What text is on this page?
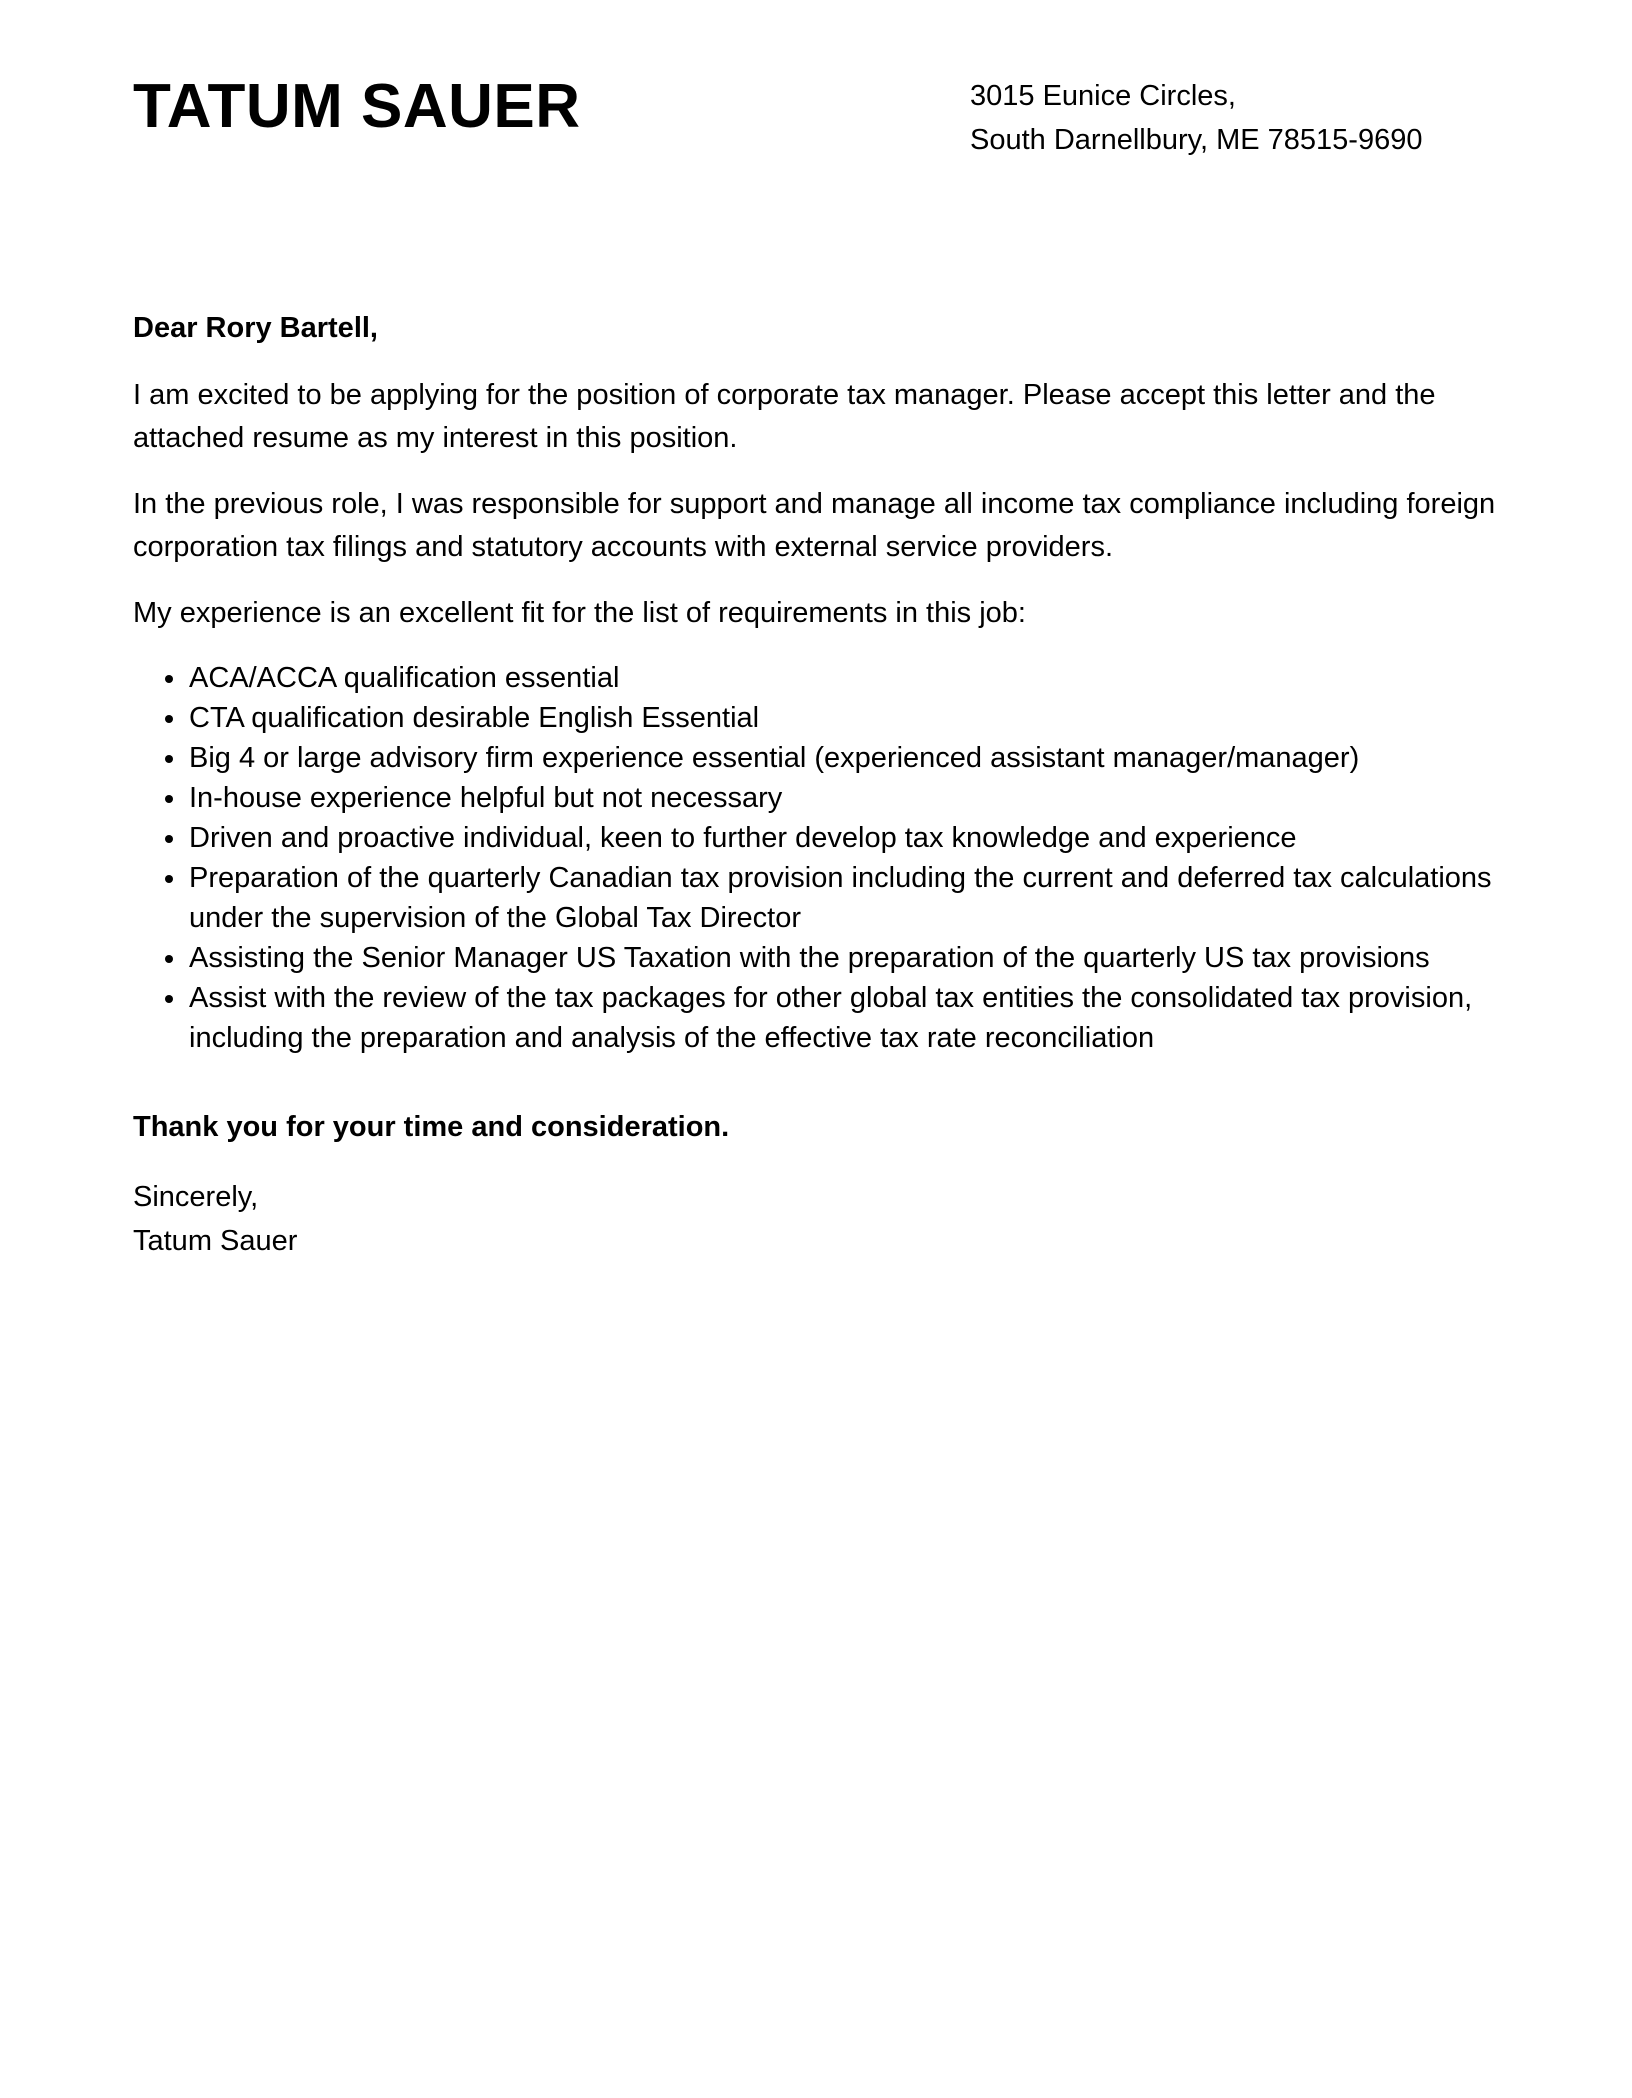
TATUM SAUER	3015 Eunice Circles,
South Darnellbury, ME 78515-9690

Dear Rory Bartell,

I am excited to be applying for the position of corporate tax manager. Please accept this letter and the attached resume as my interest in this position.

In the previous role, I was responsible for support and manage all income tax compliance including foreign corporation tax filings and statutory accounts with external service providers.

My experience is an excellent fit for the list of requirements in this job:

• ACA/ACCA qualification essential
• CTA qualification desirable English Essential
• Big 4 or large advisory firm experience essential (experienced assistant manager/manager)
• In-house experience helpful but not necessary
• Driven and proactive individual, keen to further develop tax knowledge and experience
• Preparation of the quarterly Canadian tax provision including the current and deferred tax calculations under the supervision of the Global Tax Director
• Assisting the Senior Manager US Taxation with the preparation of the quarterly US tax provisions
• Assist with the review of the tax packages for other global tax entities the consolidated tax provision, including the preparation and analysis of the effective tax rate reconciliation

Thank you for your time and consideration.

Sincerely,
Tatum Sauer
